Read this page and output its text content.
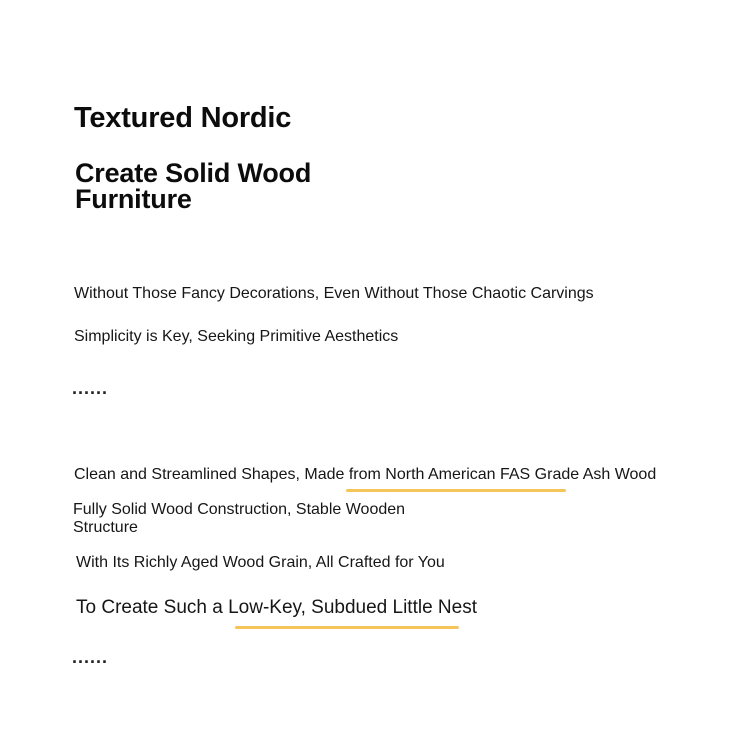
Textured Nordic
Create Solid Wood Furniture

Without Those Fancy Decorations, Even Without Those Chaotic Carvings

Simplicity is Key, Seeking Primitive Aesthetics

......

Clean and Streamlined Shapes, Made from North American FAS Grade Ash Wood

Fully Solid Wood Construction, Stable Wooden Structure

With Its Richly Aged Wood Grain, All Crafted for You

To Create Such a Low-Key, Subdued Little Nest

......
